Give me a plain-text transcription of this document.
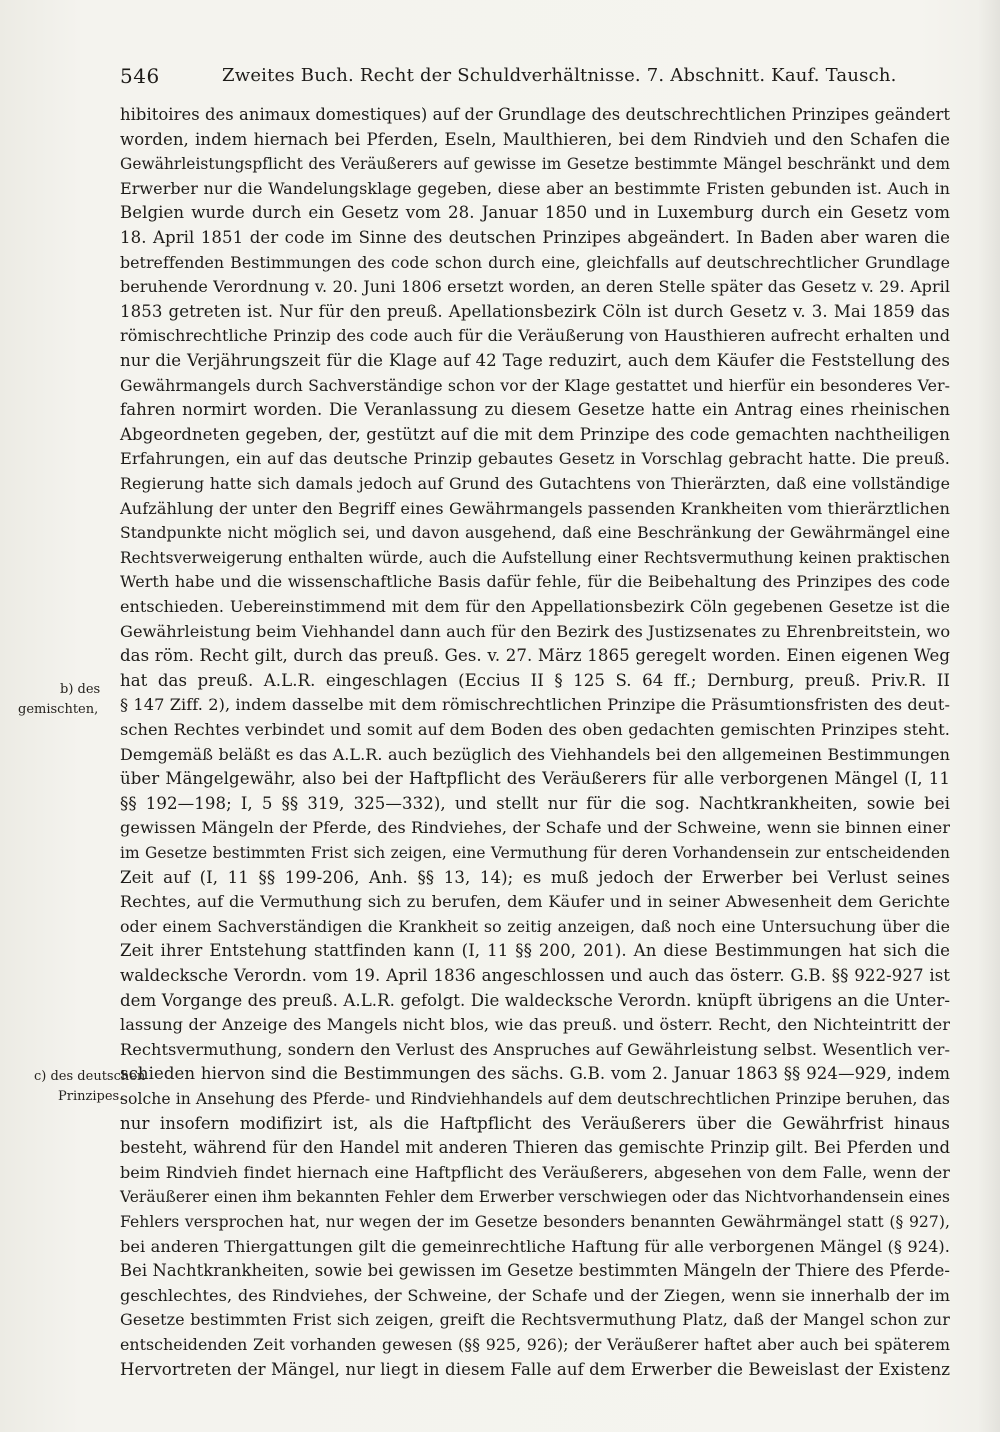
546	Zweites Buch. Recht der Schuldverhältnisse. 7. Abschnitt. Kauf. Tausch.
b) des
gemischten,
c) des deutschen
Prinzipes.
hibitoires des animaux domestiques) auf der Grundlage des deutschrechtlichen Prinzipes geändert
worden, indem hiernach bei Pferden, Eseln, Maulthieren, bei dem Rindvieh und den Schafen die
Gewährleistungspflicht des Veräußerers auf gewisse im Gesetze bestimmte Mängel beschränkt und dem
Erwerber nur die Wandelungsklage gegeben, diese aber an bestimmte Fristen gebunden ist. Auch in
Belgien wurde durch ein Gesetz vom 28. Januar 1850 und in Luxemburg durch ein Gesetz vom
18. April 1851 der code im Sinne des deutschen Prinzipes abgeändert. In Baden aber waren die
betreffenden Bestimmungen des code schon durch eine, gleichfalls auf deutschrechtlicher Grundlage
beruhende Verordnung v. 20. Juni 1806 ersetzt worden, an deren Stelle später das Gesetz v. 29. April
1853 getreten ist. Nur für den preuß. Apellationsbezirk Cöln ist durch Gesetz v. 3. Mai 1859 das
römischrechtliche Prinzip des code auch für die Veräußerung von Hausthieren aufrecht erhalten und
nur die Verjährungszeit für die Klage auf 42 Tage reduzirt, auch dem Käufer die Feststellung des
Gewährmangels durch Sachverständige schon vor der Klage gestattet und hierfür ein besonderes Ver-
fahren normirt worden. Die Veranlassung zu diesem Gesetze hatte ein Antrag eines rheinischen
Abgeordneten gegeben, der, gestützt auf die mit dem Prinzipe des code gemachten nachtheiligen
Erfahrungen, ein auf das deutsche Prinzip gebautes Gesetz in Vorschlag gebracht hatte. Die preuß.
Regierung hatte sich damals jedoch auf Grund des Gutachtens von Thierärzten, daß eine vollständige
Aufzählung der unter den Begriff eines Gewährmangels passenden Krankheiten vom thierärztlichen
Standpunkte nicht möglich sei, und davon ausgehend, daß eine Beschränkung der Gewährmängel eine
Rechtsverweigerung enthalten würde, auch die Aufstellung einer Rechtsvermuthung keinen praktischen
Werth habe und die wissenschaftliche Basis dafür fehle, für die Beibehaltung des Prinzipes des code
entschieden. Uebereinstimmend mit dem für den Appellationsbezirk Cöln gegebenen Gesetze ist die
Gewährleistung beim Viehhandel dann auch für den Bezirk des Justizsenates zu Ehrenbreitstein, wo
das röm. Recht gilt, durch das preuß. Ges. v. 27. März 1865 geregelt worden. Einen eigenen Weg
hat das preuß. A.L.R. eingeschlagen (Eccius II § 125 S. 64 ff.; Dernburg, preuß. Priv.R. II
§ 147 Ziff. 2), indem dasselbe mit dem römischrechtlichen Prinzipe die Präsumtionsfristen des deut-
schen Rechtes verbindet und somit auf dem Boden des oben gedachten gemischten Prinzipes steht.
Demgemäß beläßt es das A.L.R. auch bezüglich des Viehhandels bei den allgemeinen Bestimmungen
über Mängelgewähr, also bei der Haftpflicht des Veräußerers für alle verborgenen Mängel (I, 11
§§ 192—198; I, 5 §§ 319, 325—332), und stellt nur für die sog. Nachtkrankheiten, sowie bei
gewissen Mängeln der Pferde, des Rindviehes, der Schafe und der Schweine, wenn sie binnen einer
im Gesetze bestimmten Frist sich zeigen, eine Vermuthung für deren Vorhandensein zur entscheidenden
Zeit auf (I, 11 §§ 199-206, Anh. §§ 13, 14); es muß jedoch der Erwerber bei Verlust seines
Rechtes, auf die Vermuthung sich zu berufen, dem Käufer und in seiner Abwesenheit dem Gerichte
oder einem Sachverständigen die Krankheit so zeitig anzeigen, daß noch eine Untersuchung über die
Zeit ihrer Entstehung stattfinden kann (I, 11 §§ 200, 201). An diese Bestimmungen hat sich die
waldecksche Verordn. vom 19. April 1836 angeschlossen und auch das österr. G.B. §§ 922-927 ist
dem Vorgange des preuß. A.L.R. gefolgt. Die waldecksche Verordn. knüpft übrigens an die Unter-
lassung der Anzeige des Mangels nicht blos, wie das preuß. und österr. Recht, den Nichteintritt der
Rechtsvermuthung, sondern den Verlust des Anspruches auf Gewährleistung selbst. Wesentlich ver-
schieden hiervon sind die Bestimmungen des sächs. G.B. vom 2. Januar 1863 §§ 924—929, indem
solche in Ansehung des Pferde- und Rindviehhandels auf dem deutschrechtlichen Prinzipe beruhen, das
nur insofern modifizirt ist, als die Haftpflicht des Veräußerers über die Gewährfrist hinaus
besteht, während für den Handel mit anderen Thieren das gemischte Prinzip gilt. Bei Pferden und
beim Rindvieh findet hiernach eine Haftpflicht des Veräußerers, abgesehen von dem Falle, wenn der
Veräußerer einen ihm bekannten Fehler dem Erwerber verschwiegen oder das Nichtvorhandensein eines
Fehlers versprochen hat, nur wegen der im Gesetze besonders benannten Gewährmängel statt (§ 927),
bei anderen Thiergattungen gilt die gemeinrechtliche Haftung für alle verborgenen Mängel (§ 924).
Bei Nachtkrankheiten, sowie bei gewissen im Gesetze bestimmten Mängeln der Thiere des Pferde-
geschlechtes, des Rindviehes, der Schweine, der Schafe und der Ziegen, wenn sie innerhalb der im
Gesetze bestimmten Frist sich zeigen, greift die Rechtsvermuthung Platz, daß der Mangel schon zur
entscheidenden Zeit vorhanden gewesen (§§ 925, 926); der Veräußerer haftet aber auch bei späterem
Hervortreten der Mängel, nur liegt in diesem Falle auf dem Erwerber die Beweislast der Existenz
